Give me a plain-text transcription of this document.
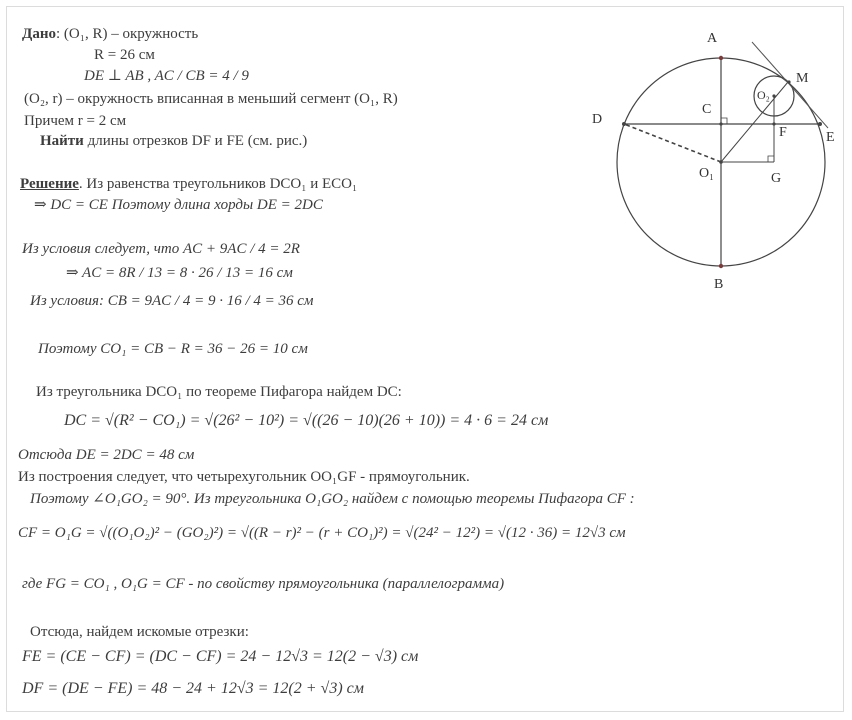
Дано: (O₁, R) – окружность
R = 26 см
DE ⊥ AB , AC / CB = 4 / 9
(O₂, r) – окружность вписанная в меньший сегмент (O₁, R)
Причем r = 2 см
Найти длины отрезков DF и FE (см. рис.)
Решение. Из равенства треугольников DCO₁ и ECO₁
⇒ DC = CE Поэтому длина хорды DE = 2DC
Из условия следует, что AC + 9AC / 4 = 2R
⇒ AC = 8R / 13 = 8 · 26 / 13 = 16 см
Из условия: CB = 9AC / 4 = 9 · 16 / 4 = 36 см
Поэтому CO₁ = CB − R = 36 − 26 = 10 см
Из треугольника DCO₁ по теореме Пифагора найдем DC:
DC = √(R² − CO₁) = √(26² − 10²) = √((26 − 10)(26 + 10)) = 4 · 6 = 24 см
Отсюда DE = 2DC = 48 см
Из построения следует, что четырехугольник OO₁GF - прямоугольник.
Поэтому ∠O₁GO₂ = 90°. Из треугольника O₁GO₂ найдем с помощью теоремы Пифагора CF :
CF = O₁G = √((O₁O₂)² − (GO₂)²) = √((R − r)² − (r + CO₁)²) = √(24² − 12²) = √(12 · 36) = 12√3 см
где FG = CO₁ , O₁G = CF - по свойству прямоугольника (параллелограмма)
Отсюда, найдем искомые отрезки:
FE = (CE − CF) = (DC − CF) = 24 − 12√3 = 12(2 − √3) см
DF = (DE − FE) = 48 − 24 + 12√3 = 12(2 + √3) см
A
B
C
D
E
F
G
M
O₁
O₂
